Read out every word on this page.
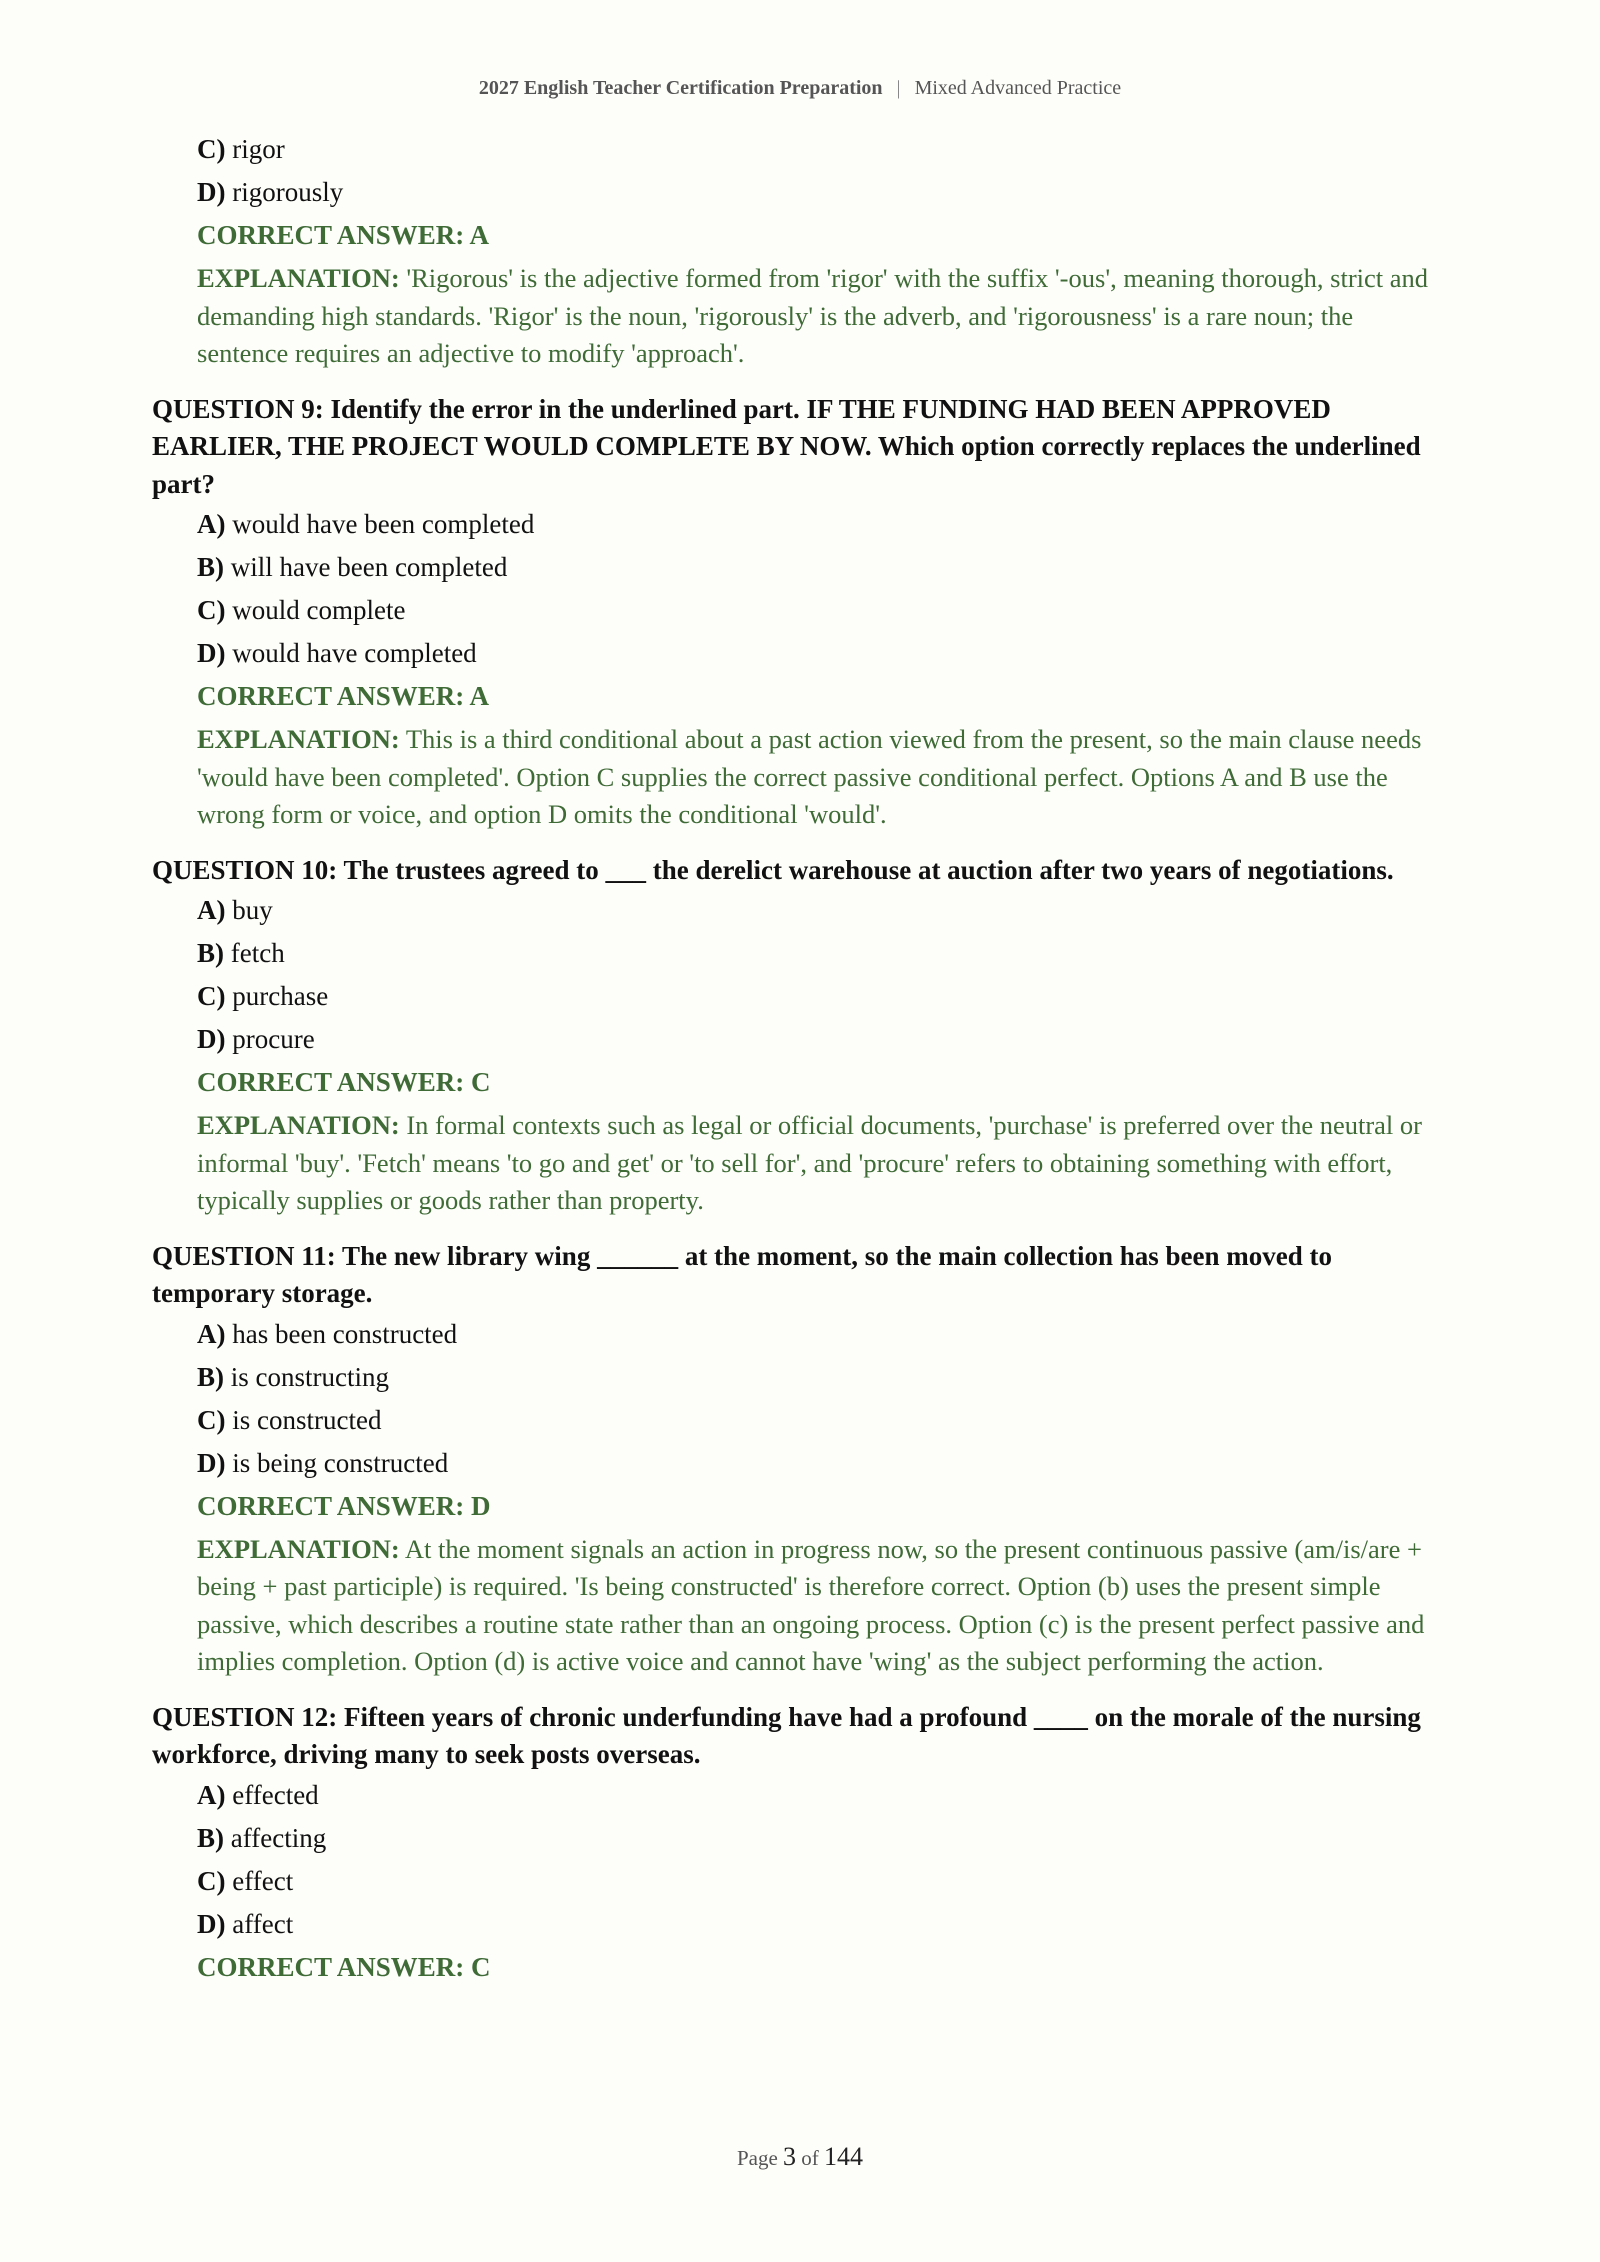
2027 English Teacher Certification Preparation | Mixed Advanced Practice
C) rigor
D) rigorously
CORRECT ANSWER: A
EXPLANATION: 'Rigorous' is the adjective formed from 'rigor' with the suffix '-ous', meaning thorough, strict and demanding high standards. 'Rigor' is the noun, 'rigorously' is the adverb, and 'rigorousness' is a rare noun; the sentence requires an adjective to modify 'approach'.
QUESTION 9: Identify the error in the underlined part. IF THE FUNDING HAD BEEN APPROVED EARLIER, THE PROJECT WOULD COMPLETE BY NOW. Which option correctly replaces the underlined part?
A) would have been completed
B) will have been completed
C) would complete
D) would have completed
CORRECT ANSWER: A
EXPLANATION: This is a third conditional about a past action viewed from the present, so the main clause needs 'would have been completed'. Option C supplies the correct passive conditional perfect. Options A and B use the wrong form or voice, and option D omits the conditional 'would'.
QUESTION 10: The trustees agreed to ___ the derelict warehouse at auction after two years of negotiations.
A) buy
B) fetch
C) purchase
D) procure
CORRECT ANSWER: C
EXPLANATION: In formal contexts such as legal or official documents, 'purchase' is preferred over the neutral or informal 'buy'. 'Fetch' means 'to go and get' or 'to sell for', and 'procure' refers to obtaining something with effort, typically supplies or goods rather than property.
QUESTION 11: The new library wing ______ at the moment, so the main collection has been moved to temporary storage.
A) has been constructed
B) is constructing
C) is constructed
D) is being constructed
CORRECT ANSWER: D
EXPLANATION: At the moment signals an action in progress now, so the present continuous passive (am/is/are + being + past participle) is required. 'Is being constructed' is therefore correct. Option (b) uses the present simple passive, which describes a routine state rather than an ongoing process. Option (c) is the present perfect passive and implies completion. Option (d) is active voice and cannot have 'wing' as the subject performing the action.
QUESTION 12: Fifteen years of chronic underfunding have had a profound ____ on the morale of the nursing workforce, driving many to seek posts overseas.
A) effected
B) affecting
C) effect
D) affect
CORRECT ANSWER: C
Page 3 of 144
